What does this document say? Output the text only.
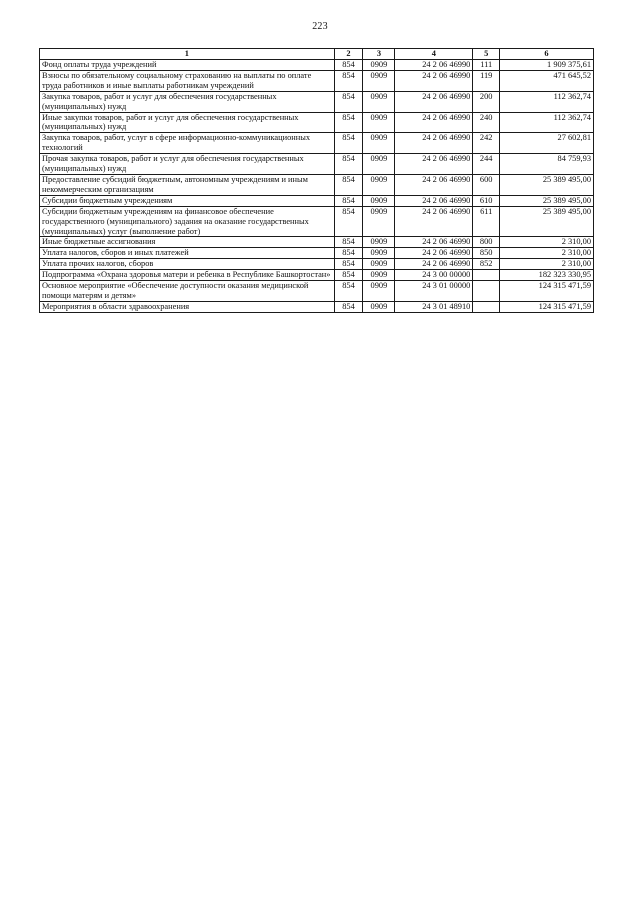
223
1	2	3	4	5	6
Фонд оплаты труда учреждений	854	0909	24 2 06 46990	111	1 909 375,61
Взносы по обязательному социальному страхованию на выплаты по оплате труда работников и иные выплаты работникам учреждений	854	0909	24 2 06 46990	119	471 645,52
Закупка товаров, работ и услуг для обеспечения государственных (муниципальных) нужд	854	0909	24 2 06 46990	200	112 362,74
Иные закупки товаров, работ и услуг для обеспечения государственных (муниципальных) нужд	854	0909	24 2 06 46990	240	112 362,74
Закупка товаров, работ, услуг в сфере информационно-коммуникационных технологий	854	0909	24 2 06 46990	242	27 602,81
Прочая закупка товаров, работ и услуг для обеспечения государственных (муниципальных) нужд	854	0909	24 2 06 46990	244	84 759,93
Предоставление субсидий бюджетным, автономным учреждениям и иным некоммерческим организациям	854	0909	24 2 06 46990	600	25 389 495,00
Субсидии бюджетным учреждениям	854	0909	24 2 06 46990	610	25 389 495,00
Субсидии бюджетным учреждениям на финансовое обеспечение государственного (муниципального) задания на оказание государственных (муниципальных) услуг (выполнение работ)	854	0909	24 2 06 46990	611	25 389 495,00
Иные бюджетные ассигнования	854	0909	24 2 06 46990	800	2 310,00
Уплата налогов, сборов и иных платежей	854	0909	24 2 06 46990	850	2 310,00
Уплата прочих налогов, сборов	854	0909	24 2 06 46990	852	2 310,00
Подпрограмма «Охрана здоровья матери и ребенка в Республике Башкортостан»	854	0909	24 3 00 00000		182 323 330,95
Основное мероприятие «Обеспечение доступности оказания медицинской помощи матерям и детям»	854	0909	24 3 01 00000		124 315 471,59
Мероприятия в области здравоохранения	854	0909	24 3 01 48910		124 315 471,59
